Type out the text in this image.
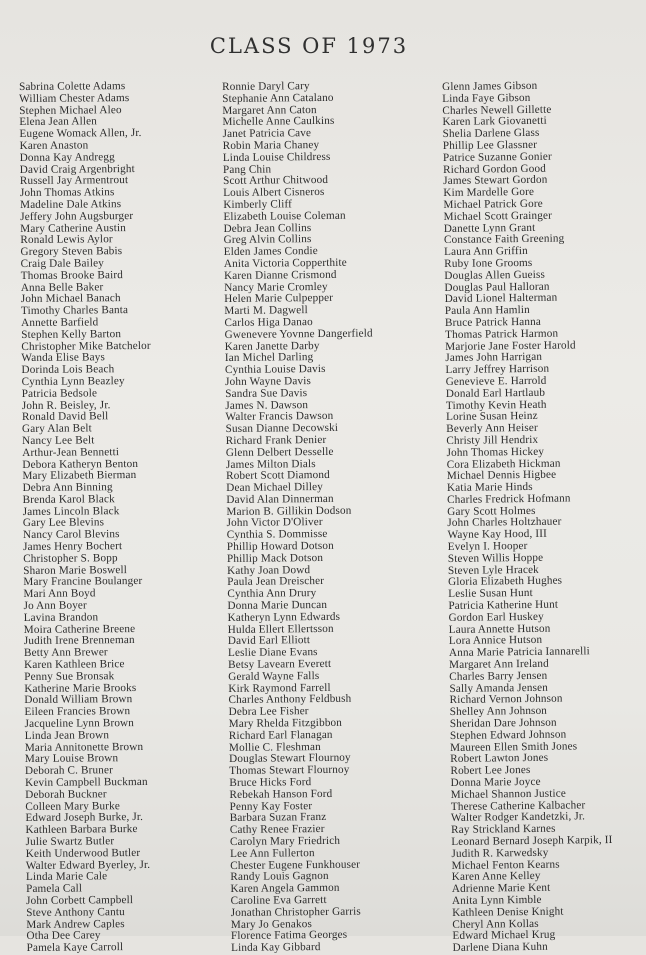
CLASS OF 1973
Sabrina Colette Adams
William Chester Adams
Stephen Michael Aleo
Elena Jean Allen
Eugene Womack Allen, Jr.
Karen Anaston
Donna Kay Andregg
David Craig Argenbright
Russell Jay Armentrout
John Thomas Atkins
Madeline Dale Atkins
Jeffery John Augsburger
Mary Catherine Austin
Ronald Lewis Aylor
Gregory Steven Babis
Craig Dale Bailey
Thomas Brooke Baird
Anna Belle Baker
John Michael Banach
Timothy Charles Banta
Annette Barfield
Stephen Kelly Barton
Christopher Mike Batchelor
Wanda Elise Bays
Dorinda Lois Beach
Cynthia Lynn Beazley
Patricia Bedsole
John R. Beisley, Jr.
Ronald David Bell
Gary Alan Belt
Nancy Lee Belt
Arthur-Jean Bennetti
Debora Katheryn Benton
Mary Elizabeth Bierman
Debra Ann Binning
Brenda Karol Black
James Lincoln Black
Gary Lee Blevins
Nancy Carol Blevins
James Henry Bochert
Christopher S. Bopp
Sharon Marie Boswell
Mary Francine Boulanger
Mari Ann Boyd
Jo Ann Boyer
Lavina Brandon
Moira Catherine Breene
Judith Irene Brenneman
Betty Ann Brewer
Karen Kathleen Brice
Penny Sue Bronsak
Katherine Marie Brooks
Donald William Brown
Eileen Francies Brown
Jacqueline Lynn Brown
Linda Jean Brown
Maria Annitonette Brown
Mary Louise Brown
Deborah C. Bruner
Kevin Campbell Buckman
Deborah Buckner
Colleen Mary Burke
Edward Joseph Burke, Jr.
Kathleen Barbara Burke
Julie Swartz Butler
Keith Underwood Butler
Walter Edward Byerley, Jr.
Linda Marie Cale
Pamela Call
John Corbett Campbell
Steve Anthony Cantu
Mark Andrew Caples
Otha Dee Carey
Pamela Kaye Carroll
Ronnie Daryl Cary
Stephanie Ann Catalano
Margaret Ann Caton
Michelle Anne Caulkins
Janet Patricia Cave
Robin Maria Chaney
Linda Louise Childress
Pang Chin
Scott Arthur Chitwood
Louis Albert Cisneros
Kimberly Cliff
Elizabeth Louise Coleman
Debra Jean Collins
Greg Alvin Collins
Elden James Condie
Anita Victoria Copperthite
Karen Dianne Crismond
Nancy Marie Cromley
Helen Marie Culpepper
Marti M. Dagwell
Carlos Higa Danao
Gwenevere Yovnne Dangerfield
Karen Janette Darby
Ian Michel Darling
Cynthia Louise Davis
John Wayne Davis
Sandra Sue Davis
James N. Dawson
Walter Francis Dawson
Susan Dianne Decowski
Richard Frank Denier
Glenn Delbert Desselle
James Milton Dials
Robert Scott Diamond
Dean Michael Dilley
David Alan Dinnerman
Marion B. Gillikin Dodson
John Victor D'Oliver
Cynthia S. Dommisse
Phillip Howard Dotson
Phillip Mack Dotson
Kathy Joan Dowd
Paula Jean Dreischer
Cynthia Ann Drury
Donna Marie Duncan
Katheryn Lynn Edwards
Hulda Ellert Ellertsson
David Earl Elliott
Leslie Diane Evans
Betsy Lavearn Everett
Gerald Wayne Falls
Kirk Raymond Farrell
Charles Anthony Feldbush
Debra Lee Fisher
Mary Rhelda Fitzgibbon
Richard Earl Flanagan
Mollie C. Fleshman
Douglas Stewart Flournoy
Thomas Stewart Flournoy
Bruce Hicks Ford
Rebekah Hanson Ford
Penny Kay Foster
Barbara Suzan Franz
Cathy Renee Frazier
Carolyn Mary Friedrich
Lee Ann Fullerton
Chester Eugene Funkhouser
Randy Louis Gagnon
Karen Angela Gammon
Caroline Eva Garrett
Jonathan Christopher Garris
Mary Jo Genakos
Florence Fatima Georges
Linda Kay Gibbard
Glenn James Gibson
Linda Faye Gibson
Charles Newell Gillette
Karen Lark Giovanetti
Shelia Darlene Glass
Phillip Lee Glassner
Patrice Suzanne Gonier
Richard Gordon Good
James Stewart Gordon
Kim Mardelle Gore
Michael Patrick Gore
Michael Scott Grainger
Danette Lynn Grant
Constance Faith Greening
Laura Ann Griffin
Ruby Ione Grooms
Douglas Allen Gueiss
Douglas Paul Halloran
David Lionel Halterman
Paula Ann Hamlin
Bruce Patrick Hanna
Thomas Patrick Harmon
Marjorie Jane Foster Harold
James John Harrigan
Larry Jeffrey Harrison
Genevieve E. Harrold
Donald Earl Hartlaub
Timothy Kevin Heath
Lorine Susan Heinz
Beverly Ann Heiser
Christy Jill Hendrix
John Thomas Hickey
Cora Elizabeth Hickman
Michael Dennis Higbee
Katia Marie Hinds
Charles Fredrick Hofmann
Gary Scott Holmes
John Charles Holtzhauer
Wayne Kay Hood, III
Evelyn I. Hooper
Steven Willis Hoppe
Steven Lyle Hracek
Gloria Elizabeth Hughes
Leslie Susan Hunt
Patricia Katherine Hunt
Gordon Earl Huskey
Laura Annette Hutson
Lora Annice Hutson
Anna Marie Patricia Iannarelli
Margaret Ann Ireland
Charles Barry Jensen
Sally Amanda Jensen
Richard Vernon Johnson
Shelley Ann Johnson
Sheridan Dare Johnson
Stephen Edward Johnson
Maureen Ellen Smith Jones
Robert Lawton Jones
Robert Lee Jones
Donna Marie Joyce
Michael Shannon Justice
Therese Catherine Kalbacher
Walter Rodger Kandetzki, Jr.
Ray Strickland Karnes
Leonard Bernard Joseph Karpik, II
Judith R. Karwedsky
Michael Fenton Kearns
Karen Anne Kelley
Adrienne Marie Kent
Anita Lynn Kimble
Kathleen Denise Knight
Cheryl Ann Kollas
Edward Michael Krug
Darlene Diana Kuhn
